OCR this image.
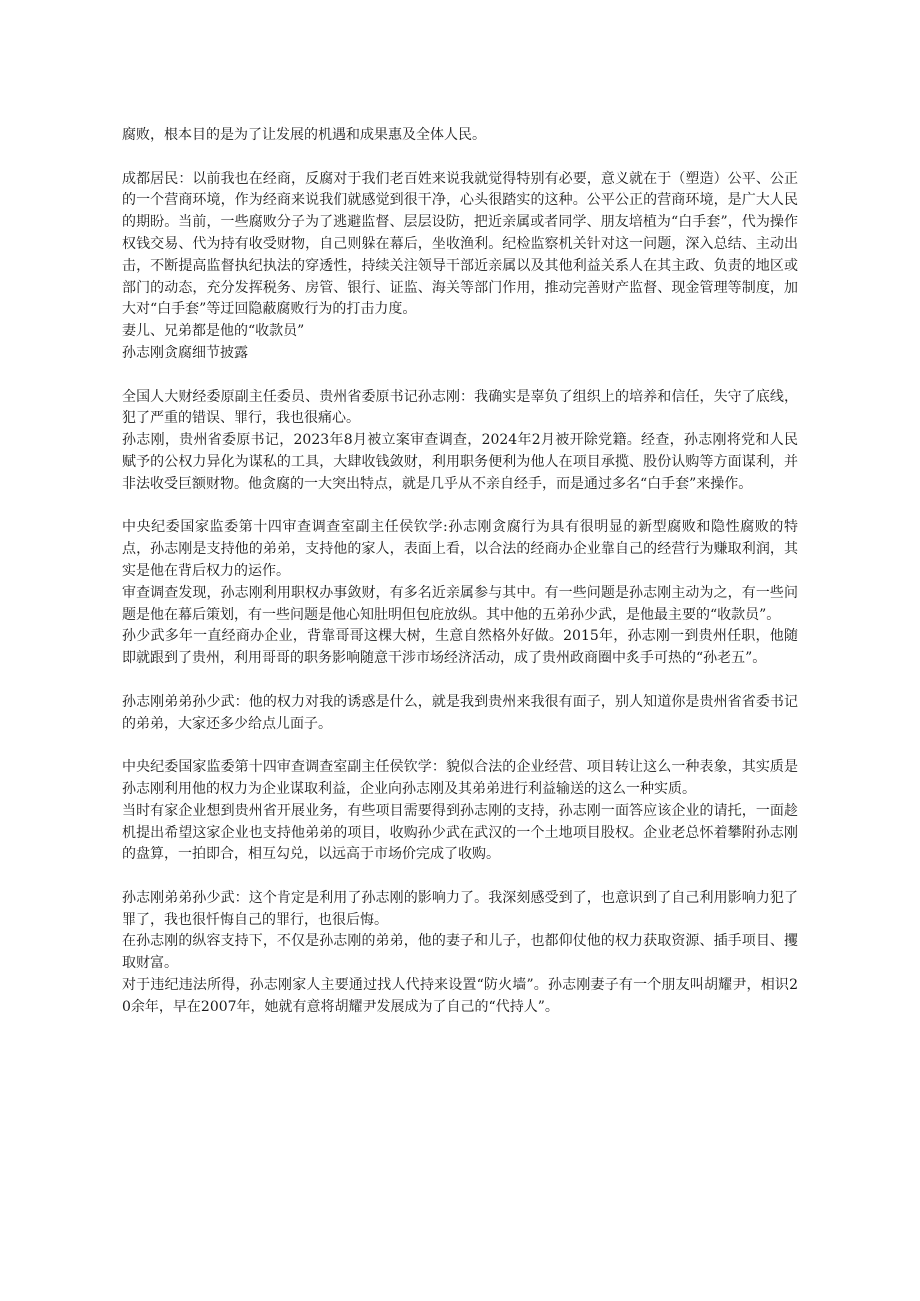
腐败，根本目的是为了让发展的机遇和成果惠及全体人民。

成都居民：以前我也在经商，反腐对于我们老百姓来说我就觉得特别有必要，意义就在于（塑造）公平、公正的一个营商环境，作为经商来说我们就感觉到很干净，心头很踏实的这种。公平公正的营商环境，是广大人民的期盼。当前，一些腐败分子为了逃避监督、层层设防，把近亲属或者同学、朋友培植为“白手套”，代为操作权钱交易、代为持有收受财物，自己则躲在幕后，坐收渔利。纪检监察机关针对这一问题，深入总结、主动出击，不断提高监督执纪执法的穿透性，持续关注领导干部近亲属以及其他利益关系人在其主政、负责的地区或部门的动态，充分发挥税务、房管、银行、证监、海关等部门作用，推动完善财产监督、现金管理等制度，加大对“白手套”等迂回隐蔽腐败行为的打击力度。

妻儿、兄弟都是他的“收款员”

孙志刚贪腐细节披露

全国人大财经委原副主任委员、贵州省委原书记孙志刚：我确实是辜负了组织上的培养和信任，失守了底线，犯了严重的错误、罪行，我也很痛心。

孙志刚，贵州省委原书记，2023年8月被立案审查调查，2024年2月被开除党籍。经查，孙志刚将党和人民赋予的公权力异化为谋私的工具，大肆收钱敛财，利用职务便利为他人在项目承揽、股份认购等方面谋利，并非法收受巨额财物。他贪腐的一大突出特点，就是几乎从不亲自经手，而是通过多名“白手套”来操作。

中央纪委国家监委第十四审查调查室副主任侯钦学:孙志刚贪腐行为具有很明显的新型腐败和隐性腐败的特点，孙志刚是支持他的弟弟，支持他的家人，表面上看，以合法的经商办企业靠自己的经营行为赚取利润，其实是他在背后权力的运作。

审查调查发现，孙志刚利用职权办事敛财，有多名近亲属参与其中。有一些问题是孙志刚主动为之，有一些问题是他在幕后策划，有一些问题是他心知肚明但包庇放纵。其中他的五弟孙少武，是他最主要的“收款员”。

孙少武多年一直经商办企业，背靠哥哥这棵大树，生意自然格外好做。2015年，孙志刚一到贵州任职，他随即就跟到了贵州，利用哥哥的职务影响随意干涉市场经济活动，成了贵州政商圈中炙手可热的“孙老五”。

孙志刚弟弟孙少武：他的权力对我的诱惑是什么，就是我到贵州来我很有面子，别人知道你是贵州省省委书记的弟弟，大家还多少给点儿面子。

中央纪委国家监委第十四审查调查室副主任侯钦学：貌似合法的企业经营、项目转让这么一种表象，其实质是孙志刚利用他的权力为企业谋取利益，企业向孙志刚及其弟弟进行利益输送的这么一种实质。

当时有家企业想到贵州省开展业务，有些项目需要得到孙志刚的支持，孙志刚一面答应该企业的请托，一面趁机提出希望这家企业也支持他弟弟的项目，收购孙少武在武汉的一个土地项目股权。企业老总怀着攀附孙志刚的盘算，一拍即合，相互勾兑，以远高于市场价完成了收购。

孙志刚弟弟孙少武：这个肯定是利用了孙志刚的影响力了。我深刻感受到了，也意识到了自己利用影响力犯了罪了，我也很忏悔自己的罪行，也很后悔。

在孙志刚的纵容支持下，不仅是孙志刚的弟弟，他的妻子和儿子，也都仰仗他的权力获取资源、插手项目、攫取财富。

对于违纪违法所得，孙志刚家人主要通过找人代持来设置“防火墙”。孙志刚妻子有一个朋友叫胡耀尹，相识20余年，早在2007年，她就有意将胡耀尹发展成为了自己的“代持人”。
